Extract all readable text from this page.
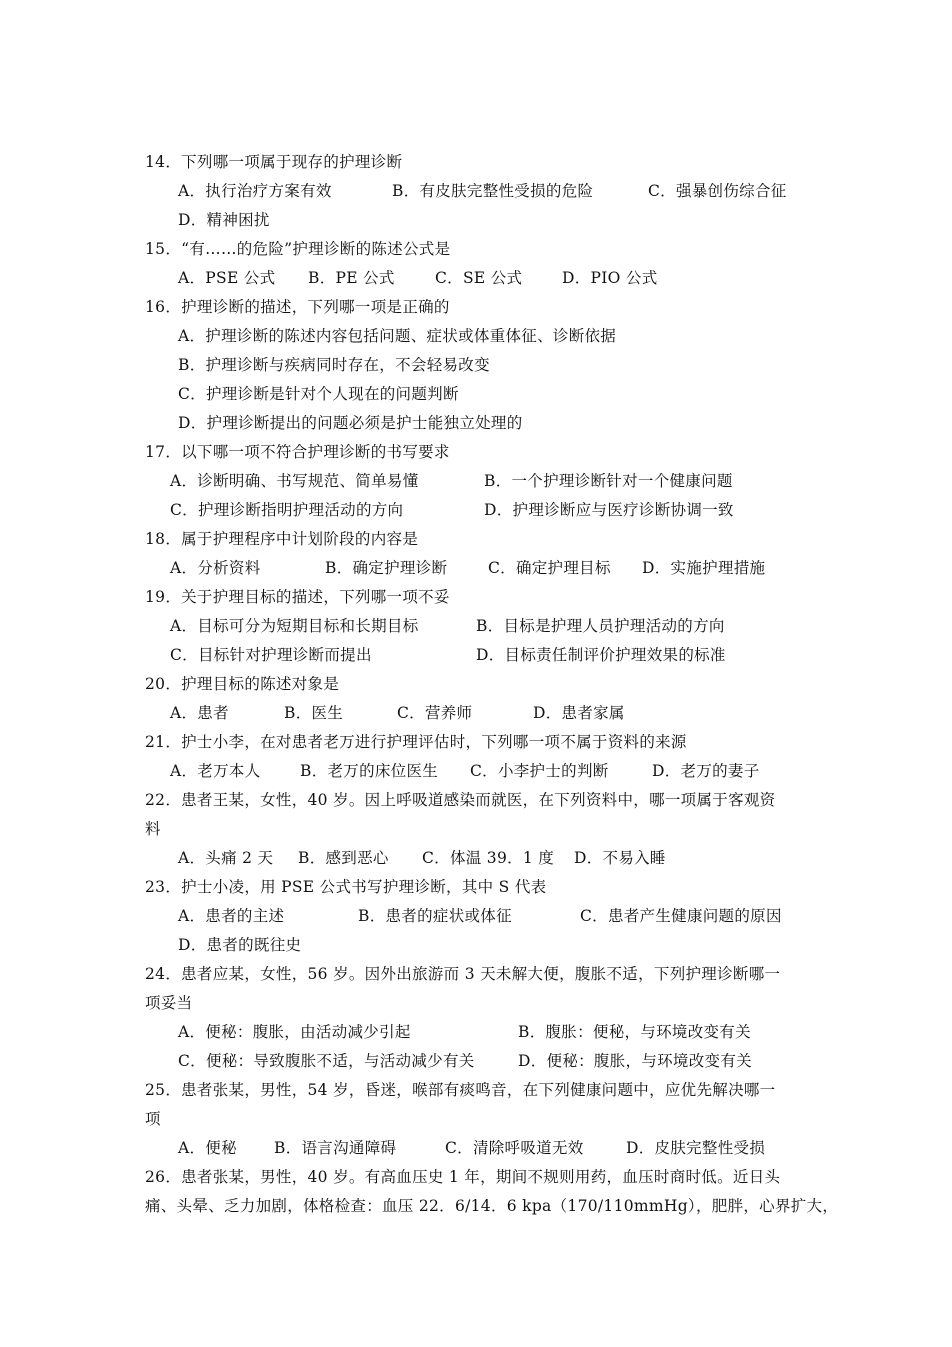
14．下列哪一项属于现存的护理诊断
A．执行治疗方案有效	B．有皮肤完整性受损的危险	C．强暴创伤综合征
D．精神困扰
15．“有……的危险”护理诊断的陈述公式是
A．PSE 公式 B．PE 公式	C．SE 公式	D．PIO 公式
16．护理诊断的描述，下列哪一项是正确的
A．护理诊断的陈述内容包括问题、症状或体重体征、诊断依据
B．护理诊断与疾病同时存在，不会轻易改变
C．护理诊断是针对个人现在的问题判断
D．护理诊断提出的问题必须是护士能独立处理的
17．以下哪一项不符合护理诊断的书写要求
A．诊断明确、书写规范、简单易懂	B．一个护理诊断针对一个健康问题
C．护理诊断指明护理活动的方向	D．护理诊断应与医疗诊断协调一致
18．属于护理程序中计划阶段的内容是
A．分析资料	B．确定护理诊断	C．确定护理目标 D．实施护理措施
19．关于护理目标的描述，下列哪一项不妥
A．目标可分为短期目标和长期目标	B．目标是护理人员护理活动的方向
C．目标针对护理诊断而提出	D．目标责任制评价护理效果的标准
20．护理目标的陈述对象是
A．患者	B．医生	C．营养师	D．患者家属
21．护士小李，在对患者老万进行护理评估时，下列哪一项不属于资料的来源
A．老万本人	B．老万的床位医生 C．小李护士的判断	D．老万的妻子
22．患者王某，女性，40 岁。因上呼吸道感染而就医，在下列资料中，哪一项属于客观资
料
A．头痛 2 天 B．感到恶心 C．体温 39．1 度 D．不易入睡
23．护士小凌，用 PSE 公式书写护理诊断，其中 S 代表
A．患者的主述	B．患者的症状或体征	C．患者产生健康问题的原因
D．患者的既往史
24．患者应某，女性，56 岁。因外出旅游而 3 天未解大便，腹胀不适，下列护理诊断哪一
项妥当
A．便秘：腹胀，由活动减少引起	B．腹胀：便秘，与环境改变有关
C．便秘：导致腹胀不适，与活动减少有关	D．便秘：腹胀，与环境改变有关
25．患者张某，男性，54 岁，昏迷，喉部有痰鸣音，在下列健康问题中，应优先解决哪一
项
A．便秘 B．语言沟通障碍	C．清除呼吸道无效	D．皮肤完整性受损
26．患者张某，男性，40 岁。有高血压史 1 年，期间不规则用药，血压时商时低。近日头
痛、头晕、乏力加剧，体格检查：血压 22．6/14．6 kpa（170/110mmHg），肥胖，心界扩大，
